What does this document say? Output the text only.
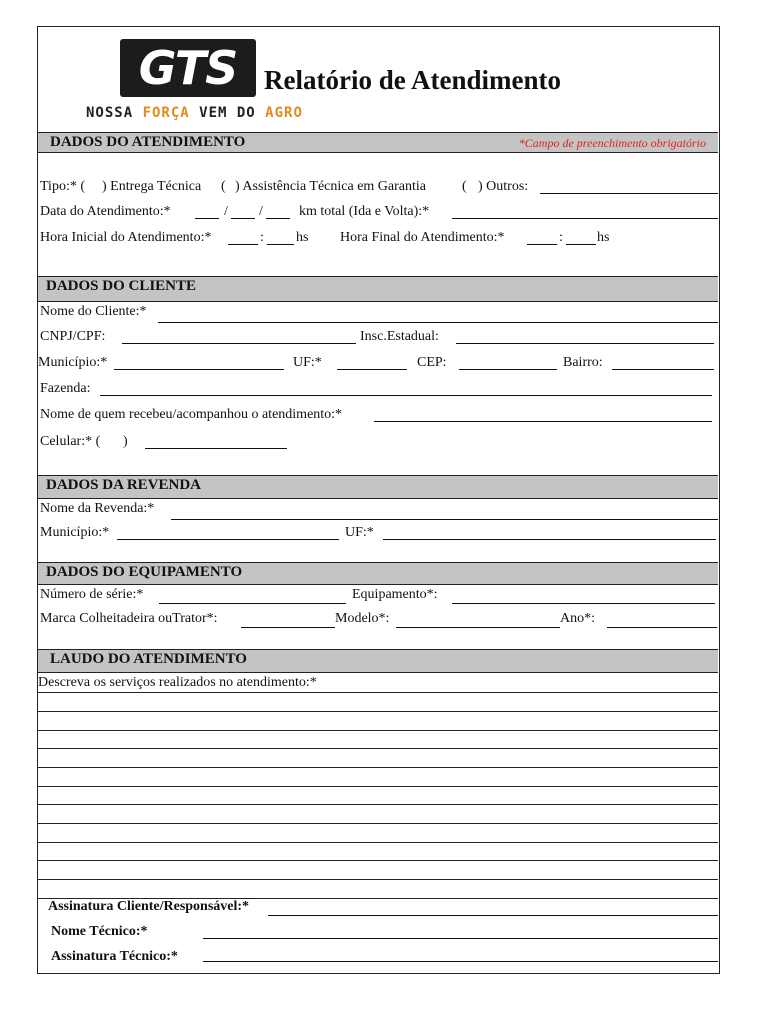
GTS
NOSSA FORÇA VEM DO AGRO
Relatório de Atendimento
DADOS DO ATENDIMENTO	*Campo de preenchimento obrigatório
Tipo:* ( ) Entrega Técnica ( ) Assistência Técnica em Garantia	( ) Outros:
Data do Atendimento:*	/ /	km total (Ida e Volta):*
Hora Inicial do Atendimento:*	: hs Hora Final do Atendimento:*	: hs
DADOS DO CLIENTE
Nome do Cliente:*
CNPJ/CPF:	Insc.Estadual:
Município:*	UF:*	CEP:	Bairro:
Fazenda:
Nome de quem recebeu/acompanhou o atendimento:*
Celular:* ( )
DADOS DA REVENDA
Nome da Revenda:*
Município:*	UF:*
DADOS DO EQUIPAMENTO
Número de série:*	Equipamento*:
Marca Colheitadeira ouTrator*:	Modelo*:	Ano*:
LAUDO DO ATENDIMENTO
Descreva os serviços realizados no atendimento:*
Assinatura Cliente/Responsável:*
Nome Técnico:*
Assinatura Técnico:*
